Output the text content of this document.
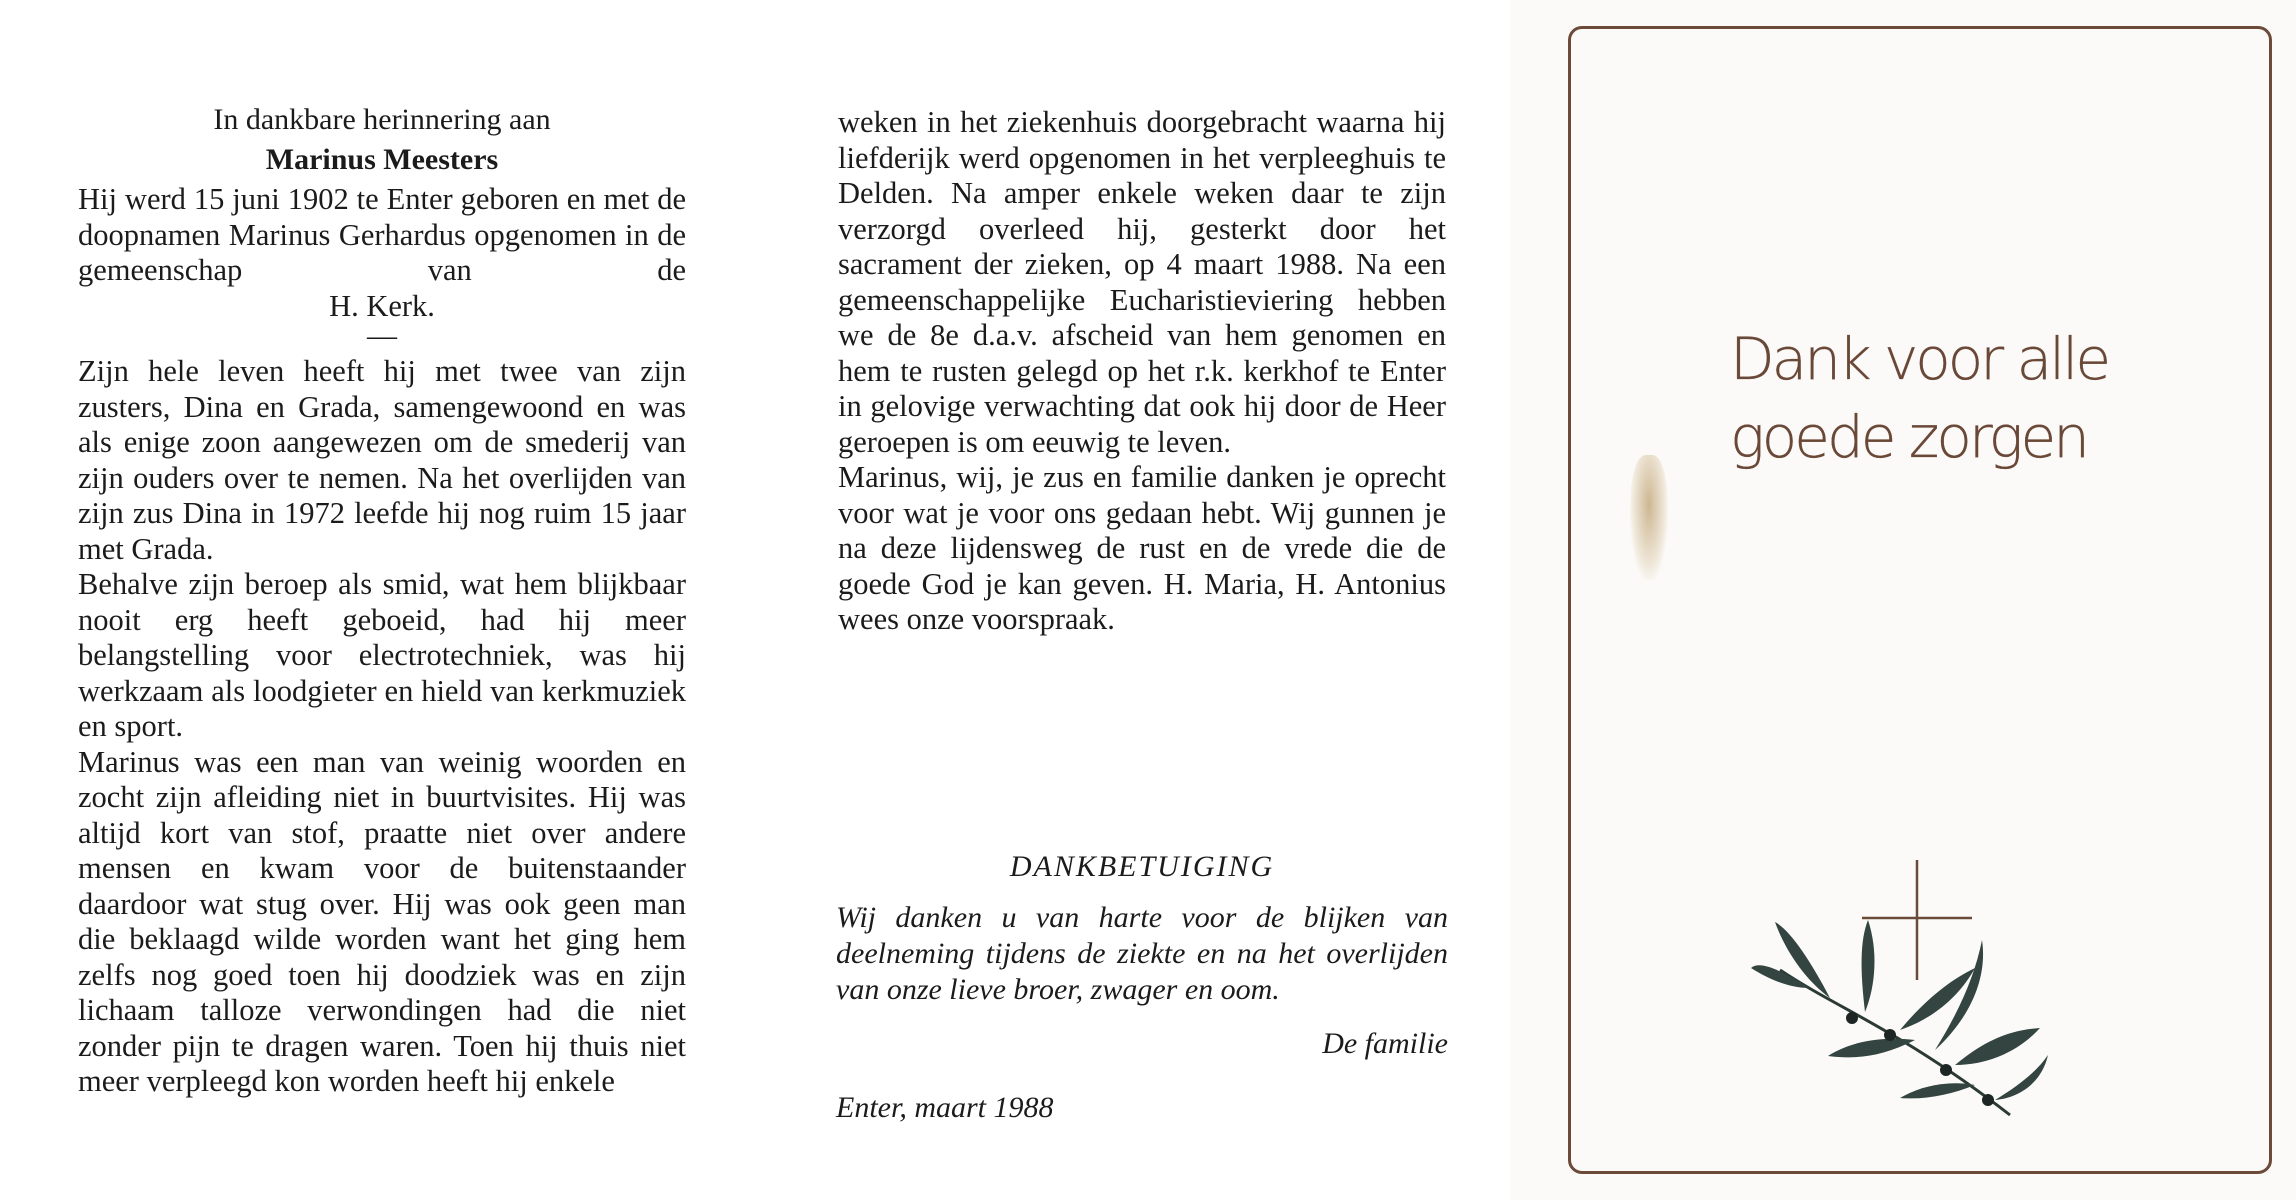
In dankbare herinnering aan

Marinus Meesters

Hij werd 15 juni 1902 te Enter geboren en met de doopnamen Marinus Gerhardus opgenomen in de gemeenschap van de

H. Kerk.

—

Zijn hele leven heeft hij met twee van zijn zusters, Dina en Grada, samengewoond en was als enige zoon aangewezen om de smederij van zijn ouders over te nemen. Na het overlijden van zijn zus Dina in 1972 leefde hij nog ruim 15 jaar met Grada.

Behalve zijn beroep als smid, wat hem blijkbaar nooit erg heeft geboeid, had hij meer belangstelling voor electrotechniek, was hij werkzaam als loodgieter en hield van kerkmuziek en sport.

Marinus was een man van weinig woorden en zocht zijn afleiding niet in buurtvisites. Hij was altijd kort van stof, praatte niet over andere mensen en kwam voor de buitenstaander daardoor wat stug over. Hij was ook geen man die beklaagd wilde worden want het ging hem zelfs nog goed toen hij doodziek was en zijn lichaam talloze verwondingen had die niet zonder pijn te dragen waren. Toen hij thuis niet meer verpleegd kon worden heeft hij enkele

weken in het ziekenhuis doorgebracht waarna hij liefderijk werd opgenomen in het verpleeghuis te Delden. Na amper enkele weken daar te zijn verzorgd overleed hij, gesterkt door het sacrament der zieken, op 4 maart 1988. Na een gemeenschappelijke Eucharistieviering hebben we de 8e d.a.v. afscheid van hem genomen en hem te rusten gelegd op het r.k. kerkhof te Enter in gelovige verwachting dat ook hij door de Heer geroepen is om eeuwig te leven.

Marinus, wij, je zus en familie danken je oprecht voor wat je voor ons gedaan hebt. Wij gunnen je na deze lijdensweg de rust en de vrede die de goede God je kan geven. H. Maria, H. Antonius wees onze voorspraak.

DANKBETUIGING

Wij danken u van harte voor de blijken van deelneming tijdens de ziekte en na het overlijden van onze lieve broer, zwager en oom.

De familie

Enter, maart 1988

Dank voor alle
goede zorgen
